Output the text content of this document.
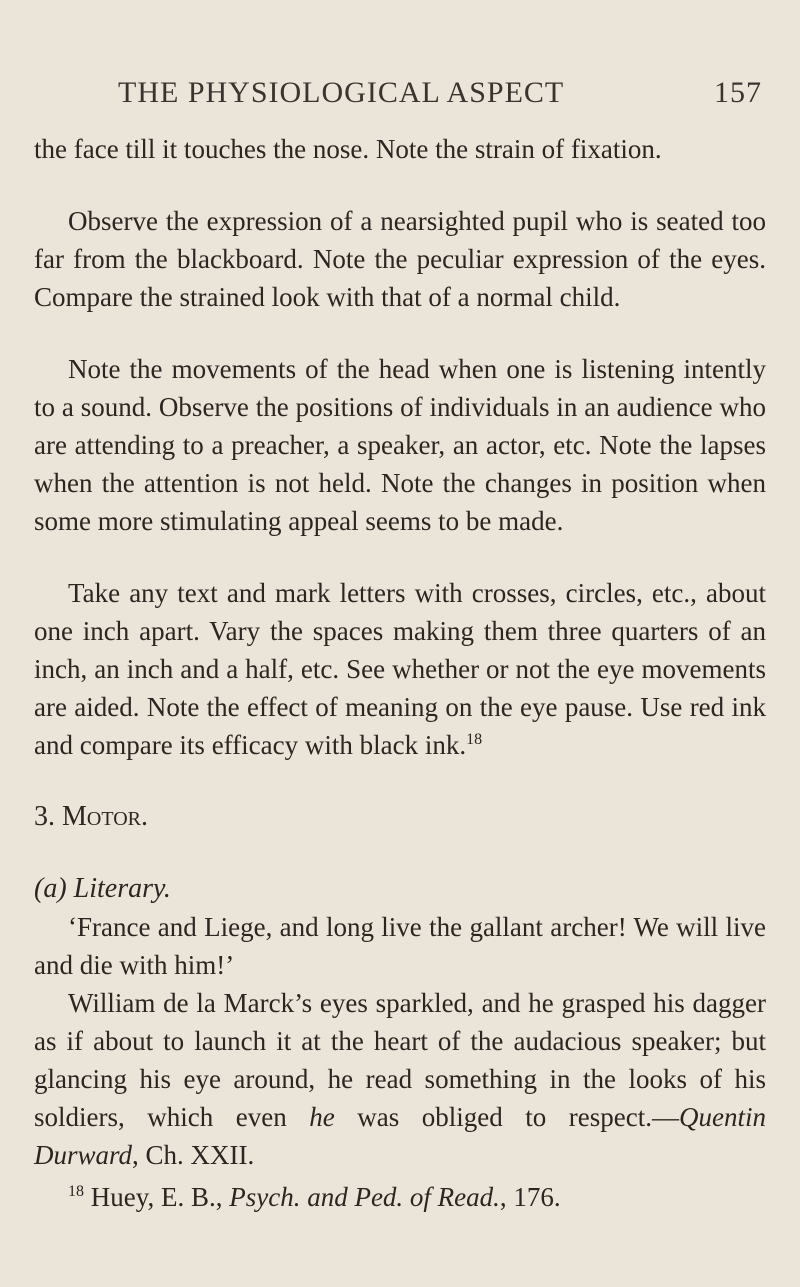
THE PHYSIOLOGICAL ASPECT	157

the face till it touches the nose. Note the strain of fixation.

Observe the expression of a nearsighted pupil who is seated too far from the blackboard. Note the peculiar expression of the eyes. Compare the strained look with that of a normal child.

Note the movements of the head when one is listening intently to a sound. Observe the positions of individuals in an audience who are attending to a preacher, a speaker, an actor, etc. Note the lapses when the attention is not held. Note the changes in position when some more stimulating appeal seems to be made.

Take any text and mark letters with crosses, circles, etc., about one inch apart. Vary the spaces making them three quarters of an inch, an inch and a half, etc. See whether or not the eye movements are aided. Note the effect of meaning on the eye pause. Use red ink and compare its efficacy with black ink.$^{18}$

3. Motor.

(a) Literary.

‘France and Liege, and long live the gallant archer! We will live and die with him!’

William de la Marck’s eyes sparkled, and he grasped his dagger as if about to launch it at the heart of the audacious speaker; but glancing his eye around, he read something in the looks of his soldiers, which even he was obliged to respect.—Quentin Durward, Ch. XXII.

$^{18}$ Huey, E. B., Psych. and Ped. of Read., 176.
